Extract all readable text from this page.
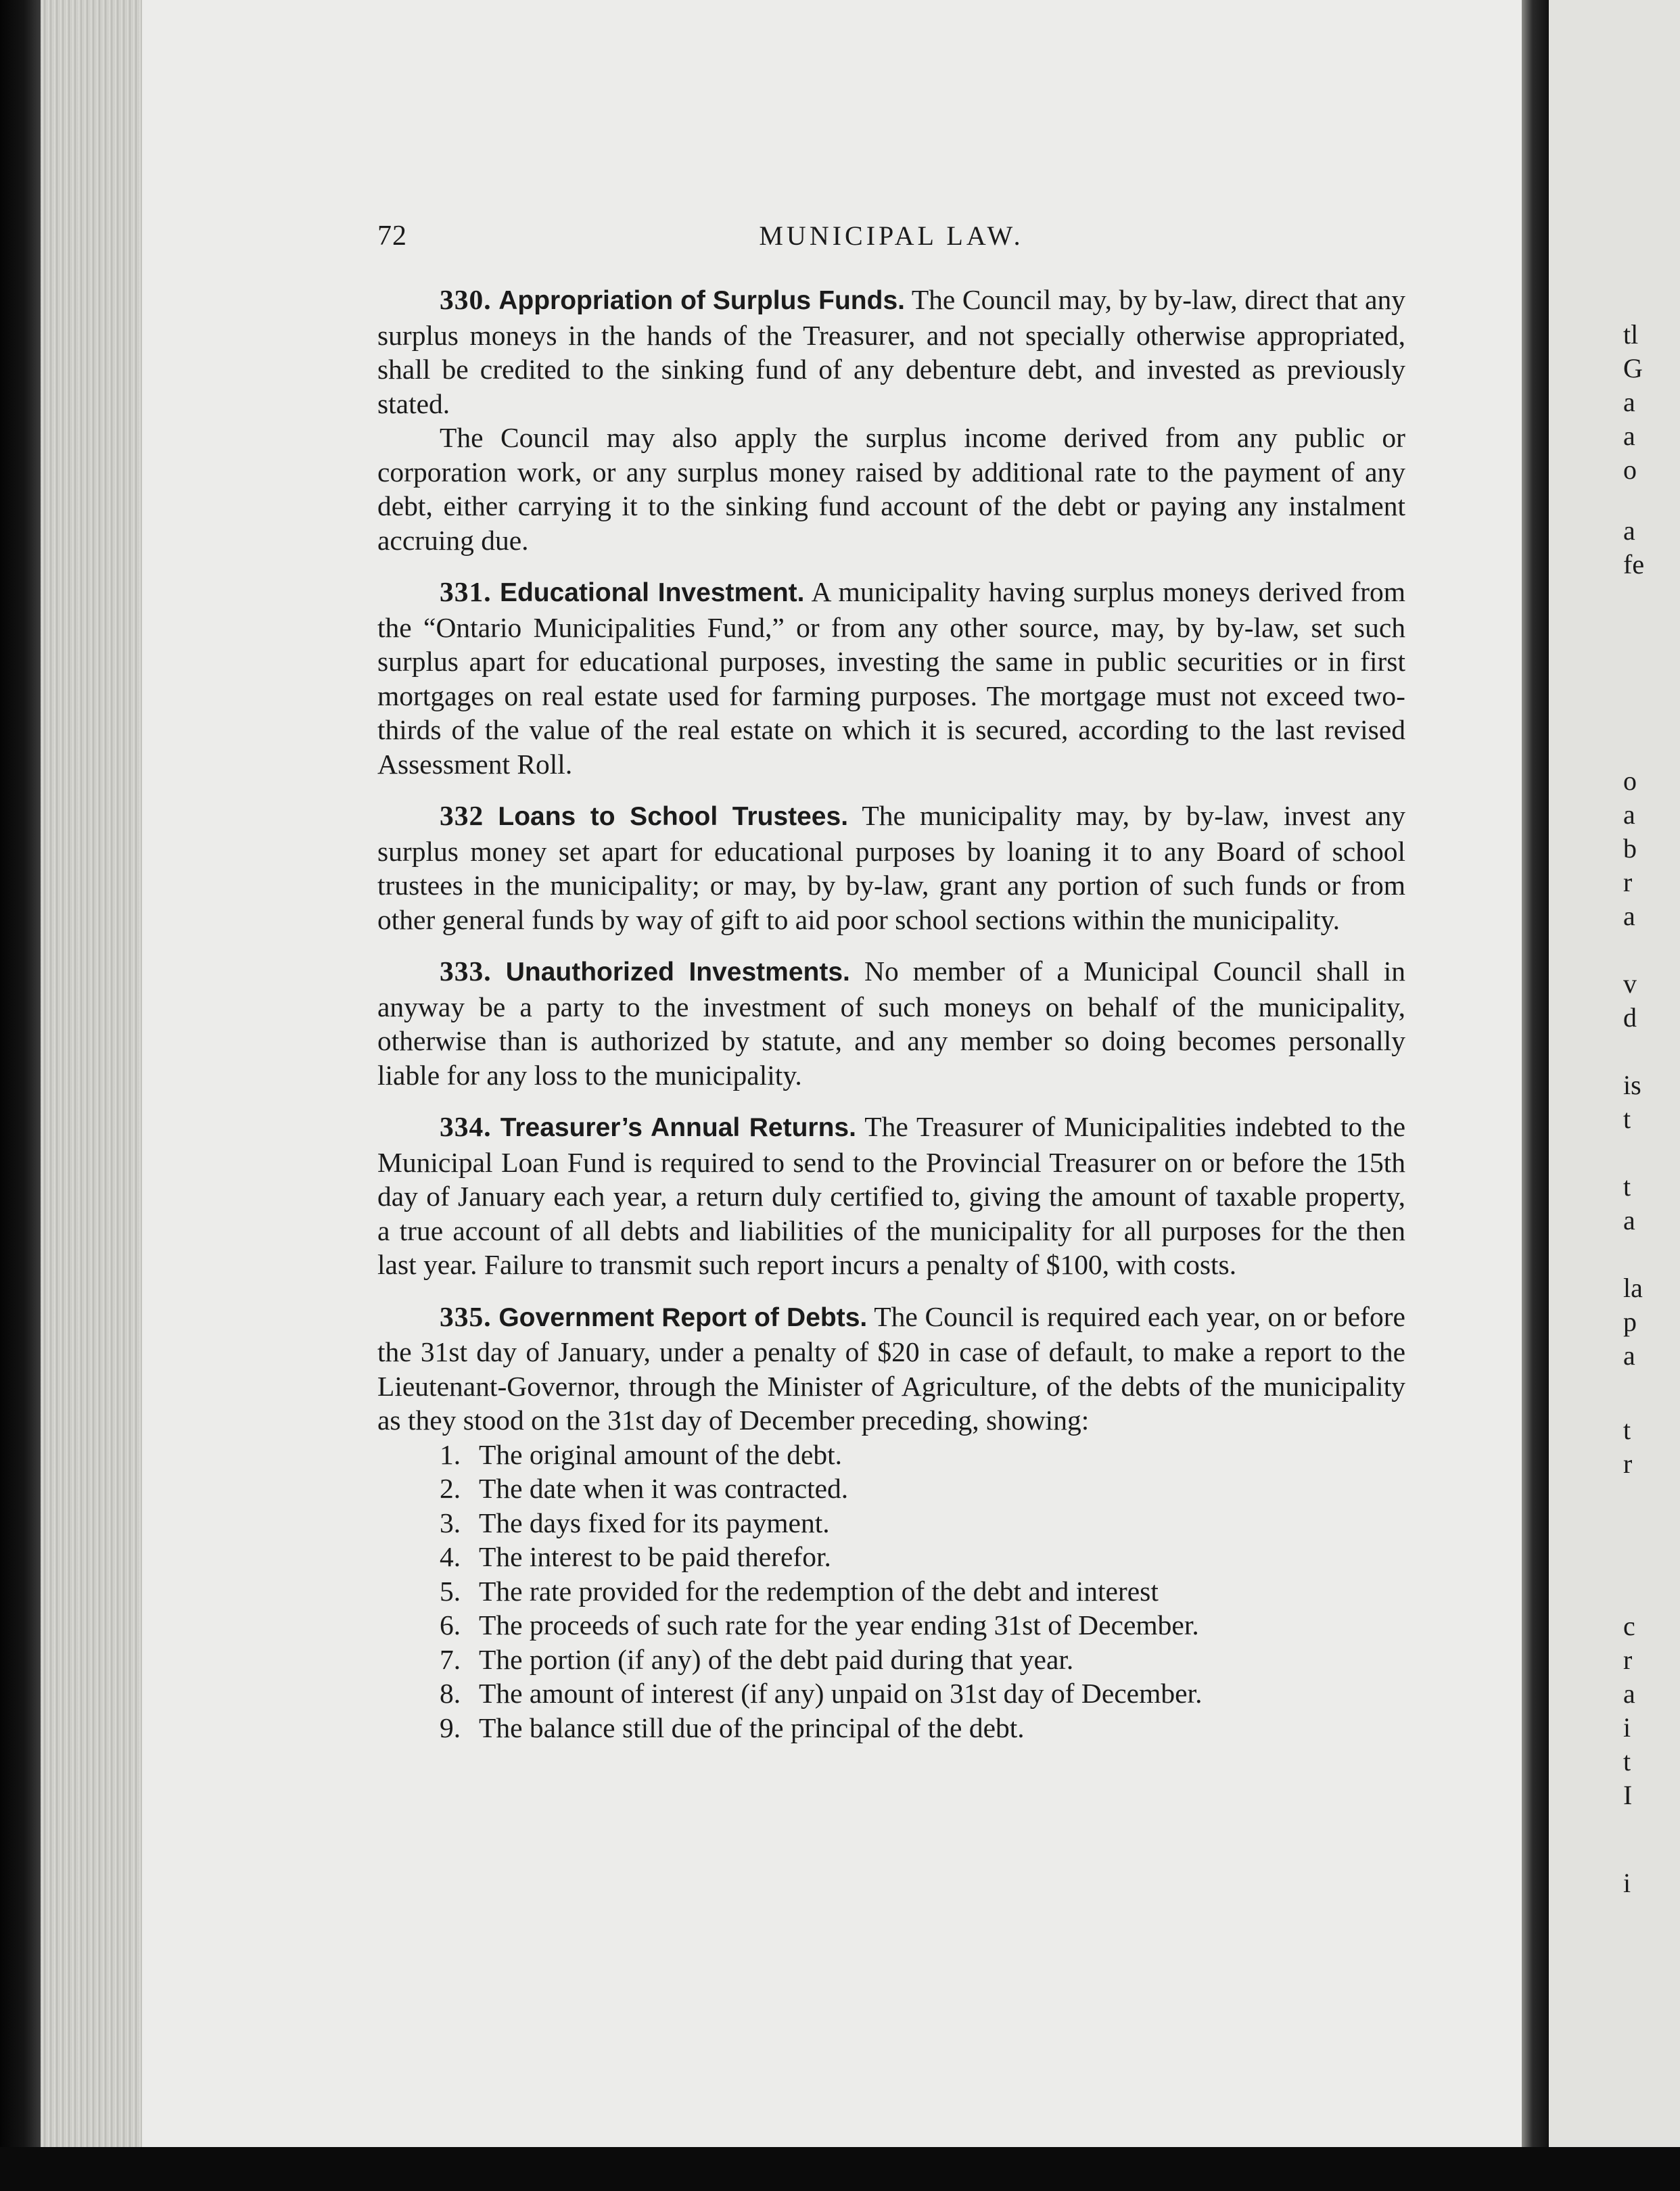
tl
G
a
a
o
a
fe
o
a
b
r
a
v
d
is
t
t
a
la
p
a
t
r
c
r
a
i
t
I
i
72	MUNICIPAL LAW.

330. Appropriation of Surplus Funds. The Council may, by by-law, direct that any surplus moneys in the hands of the Treasurer, and not specially otherwise appropriated, shall be credited to the sinking fund of any debenture debt, and invested as previously stated.

The Council may also apply the surplus income derived from any public or corporation work, or any surplus money raised by additional rate to the payment of any debt, either carrying it to the sinking fund account of the debt or paying any instalment accruing due.

331. Educational Investment. A municipality having surplus moneys derived from the “Ontario Municipalities Fund,” or from any other source, may, by by-law, set such surplus apart for educational purposes, investing the same in public securities or in first mortgages on real estate used for farming purposes. The mortgage must not exceed two-thirds of the value of the real estate on which it is secured, according to the last revised Assessment Roll.

332 Loans to School Trustees. The municipality may, by by-law, invest any surplus money set apart for educational purposes by loaning it to any Board of school trustees in the municipality; or may, by by-law, grant any portion of such funds or from other general funds by way of gift to aid poor school sections within the municipality.

333. Unauthorized Investments. No member of a Municipal Council shall in anyway be a party to the investment of such moneys on behalf of the municipality, otherwise than is authorized by statute, and any member so doing becomes personally liable for any loss to the municipality.

334. Treasurer’s Annual Returns. The Treasurer of Municipalities indebted to the Municipal Loan Fund is required to send to the Provincial Treasurer on or before the 15th day of January each year, a return duly certified to, giving the amount of taxable property, a true account of all debts and liabilities of the municipality for all purposes for the then last year. Failure to transmit such report incurs a penalty of $100, with costs.

335. Government Report of Debts. The Council is required each year, on or before the 31st day of January, under a penalty of $20 in case of default, to make a report to the Lieutenant-Governor, through the Minister of Agriculture, of the debts of the municipality as they stood on the 31st day of December preceding, showing:

1. The original amount of the debt.
2. The date when it was contracted.
3. The days fixed for its payment.
4. The interest to be paid therefor.
5. The rate provided for the redemption of the debt and interest
6. The proceeds of such rate for the year ending 31st of December.
7. The portion (if any) of the debt paid during that year.
8. The amount of interest (if any) unpaid on 31st day of December.
9. The balance still due of the principal of the debt.
